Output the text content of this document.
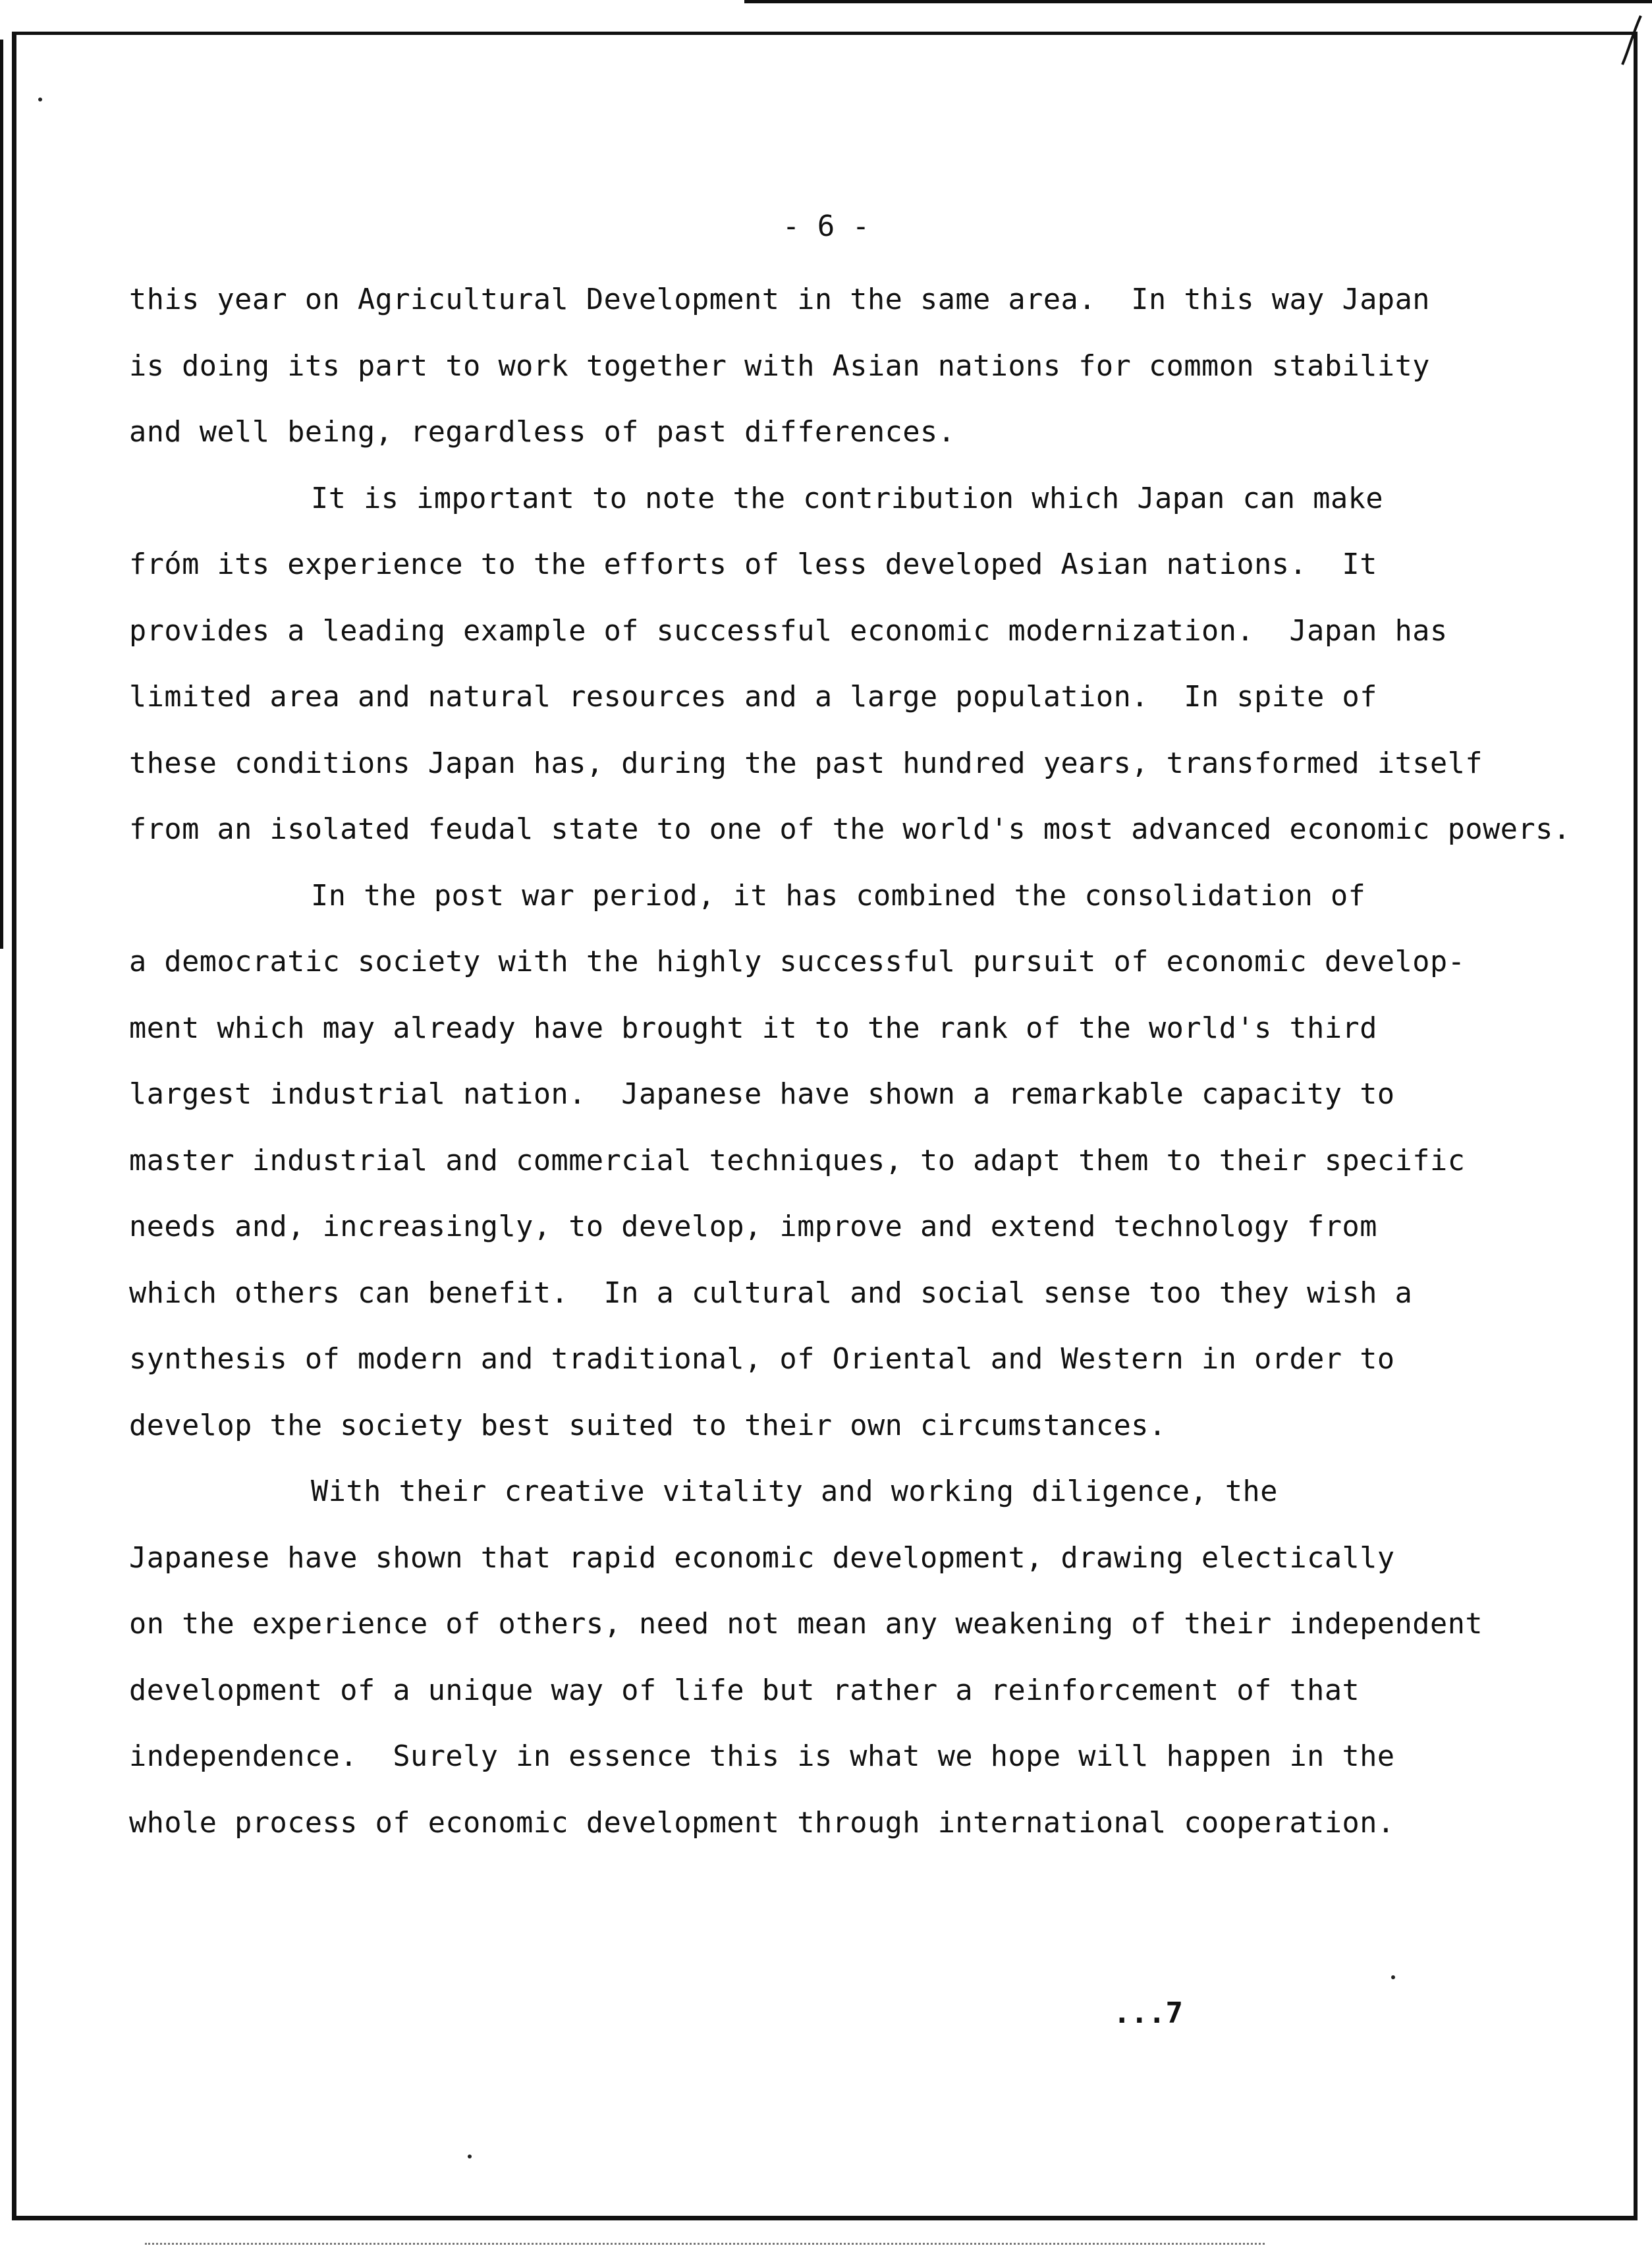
- 6 -
this year on Agricultural Development in the same area.  In this way Japan
is doing its part to work together with Asian nations for common stability
and well being, regardless of past differences.
It is important to note the contribution which Japan can make
fróm its experience to the efforts of less developed Asian nations.  It
provides a leading example of successful economic modernization.  Japan has
limited area and natural resources and a large population.  In spite of
these conditions Japan has, during the past hundred years, transformed itself
from an isolated feudal state to one of the world's most advanced economic powers.
In the post war period, it has combined the consolidation of
a democratic society with the highly successful pursuit of economic develop-
ment which may already have brought it to the rank of the world's third
largest industrial nation.  Japanese have shown a remarkable capacity to
master industrial and commercial techniques, to adapt them to their specific
needs and, increasingly, to develop, improve and extend technology from
which others can benefit.  In a cultural and social sense too they wish a
synthesis of modern and traditional, of Oriental and Western in order to
develop the society best suited to their own circumstances.
With their creative vitality and working diligence, the
Japanese have shown that rapid economic development, drawing electically
on the experience of others, need not mean any weakening of their independent
development of a unique way of life but rather a reinforcement of that
independence.  Surely in essence this is what we hope will happen in the
whole process of economic development through international cooperation.
...7
